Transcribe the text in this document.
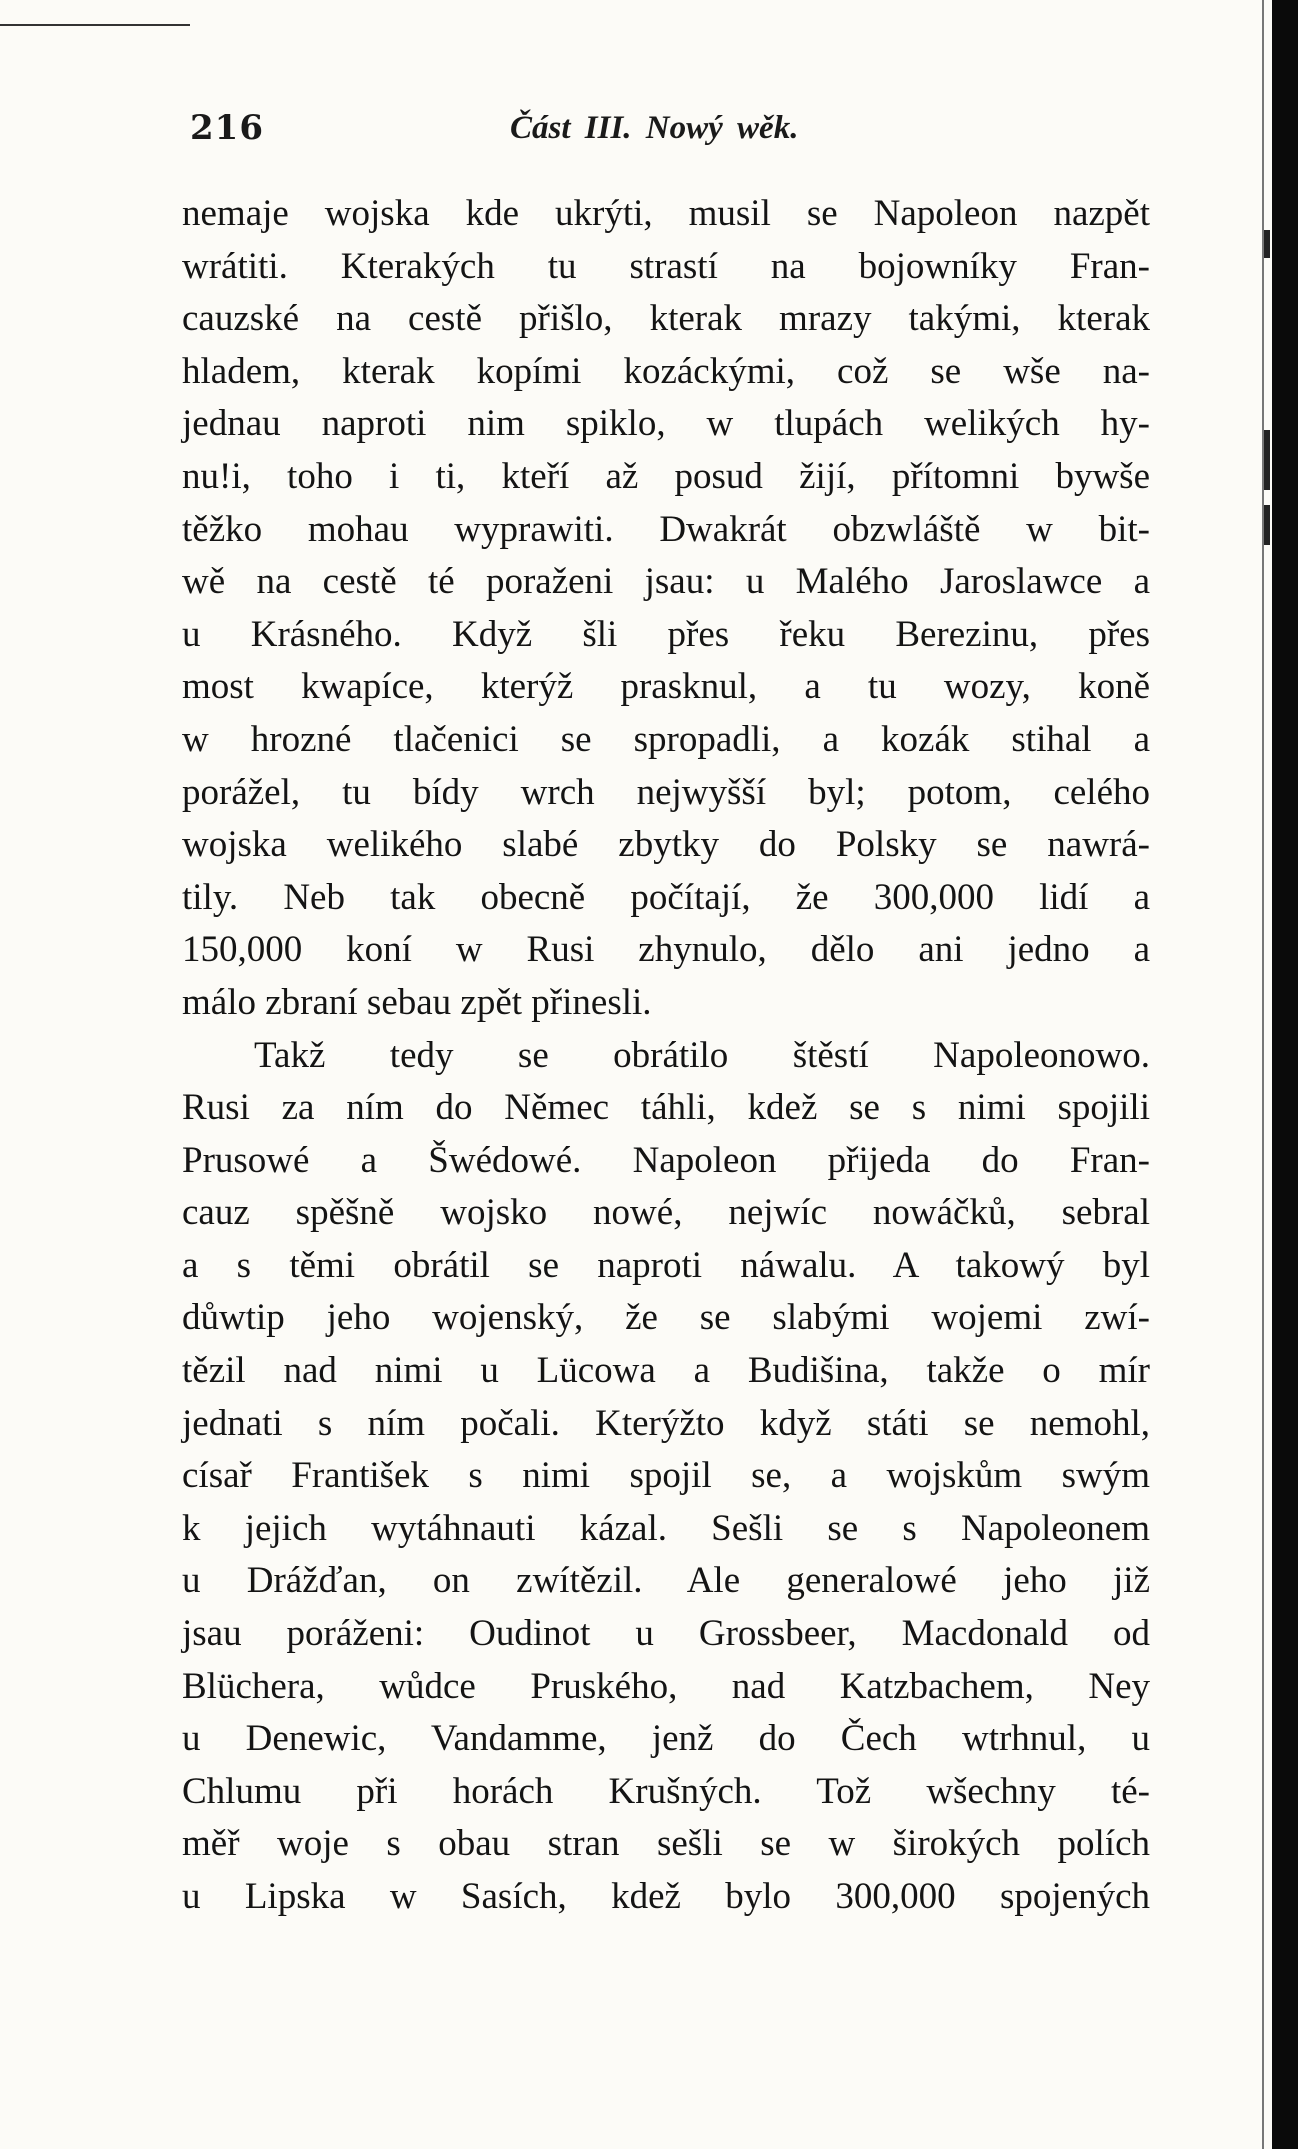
216	Část III. Nowý wěk.
nemaje wojska kde ukrýti, musil se Napoleon nazpět
wrátiti. Kterakých tu strastí na bojowníky Fran-
cauzské na cestě přišlo, kterak mrazy takými, kterak
hladem, kterak kopími kozáckými, což se wše na-
jednau naproti nim spiklo, w tlupách welikých hy-
nu!i, toho i ti, kteří až posud žijí, přítomni bywše
těžko mohau wyprawiti. Dwakrát obzwláště w bit-
wě na cestě té poraženi jsau: u Malého Jaroslawce a
u Krásného. Když šli přes řeku Berezinu, přes
most kwapíce, kterýž prasknul, a tu wozy, koně
w hrozné tlačenici se spropadli, a kozák stihal a
porážel, tu bídy wrch nejwyšší byl; potom, celého
wojska welikého slabé zbytky do Polsky se nawrá-
tily. Neb tak obecně počítají, že 300,000 lidí a
150,000 koní w Rusi zhynulo, dělo ani jedno a
málo zbraní sebau zpět přinesli.
Takž tedy se obrátilo štěstí Napoleonowo.
Rusi za ním do Němec táhli, kdež se s nimi spojili
Prusowé a Šwédowé. Napoleon přijeda do Fran-
cauz spěšně wojsko nowé, nejwíc nowáčků, sebral
a s těmi obrátil se naproti náwalu. A takowý byl
důwtip jeho wojenský, že se slabými wojemi zwí-
tězil nad nimi u Lücowa a Budišina, takže o mír
jednati s ním počali. Kterýžto když státi se nemohl,
císař František s nimi spojil se, a wojskům swým
k jejich wytáhnauti kázal. Sešli se s Napoleonem
u Drážďan, on zwítězil. Ale generalowé jeho již
jsau poráženi: Oudinot u Grossbeer, Macdonald od
Blüchera, wůdce Pruského, nad Katzbachem, Ney
u Denewic, Vandamme, jenž do Čech wtrhnul, u
Chlumu při horách Krušných. Tož wšechny té-
měř woje s obau stran sešli se w širokých polích
u Lipska w Sasích, kdež bylo 300,000 spojených
